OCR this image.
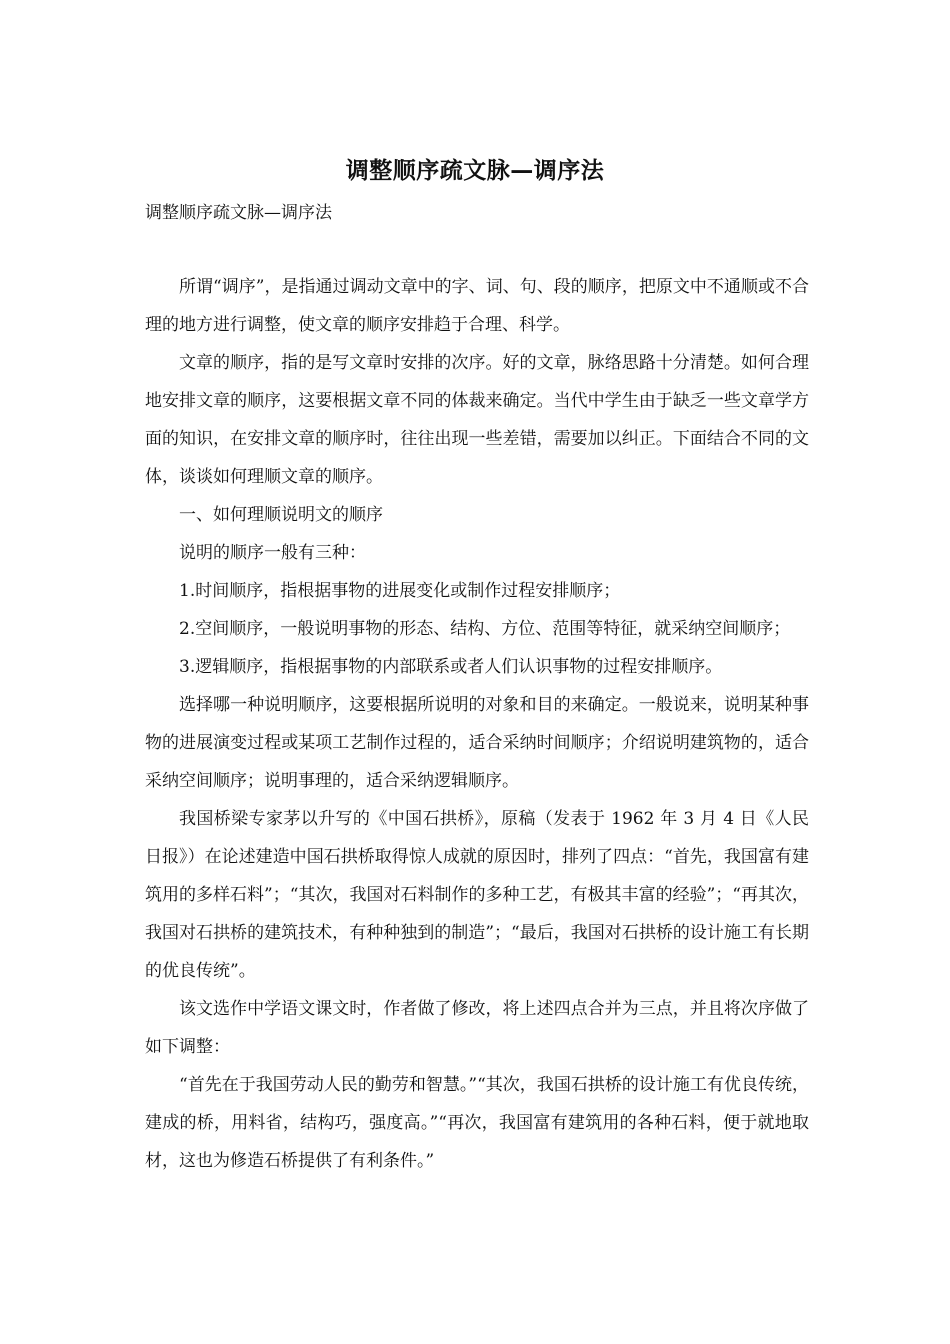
调整顺序疏文脉—调序法
调整顺序疏文脉—调序法

所谓“调序”，是指通过调动文章中的字、词、句、段的顺序，把原文中不通顺或不合理的地方进行调整，使文章的顺序安排趋于合理、科学。

文章的顺序，指的是写文章时安排的次序。好的文章，脉络思路十分清楚。如何合理地安排文章的顺序，这要根据文章不同的体裁来确定。当代中学生由于缺乏一些文章学方面的知识，在安排文章的顺序时，往往出现一些差错，需要加以纠正。下面结合不同的文体，谈谈如何理顺文章的顺序。

一、如何理顺说明文的顺序

说明的顺序一般有三种：

1.时间顺序，指根据事物的进展变化或制作过程安排顺序；

2.空间顺序，一般说明事物的形态、结构、方位、范围等特征，就采纳空间顺序；

3.逻辑顺序，指根据事物的内部联系或者人们认识事物的过程安排顺序。

选择哪一种说明顺序，这要根据所说明的对象和目的来确定。一般说来，说明某种事物的进展演变过程或某项工艺制作过程的，适合采纳时间顺序；介绍说明建筑物的，适合采纳空间顺序；说明事理的，适合采纳逻辑顺序。

我国桥梁专家茅以升写的《中国石拱桥》，原稿（发表于 1962 年 3 月 4 日《人民日报》）在论述建造中国石拱桥取得惊人成就的原因时，排列了四点：“首先，我国富有建筑用的多样石料”；“其次，我国对石料制作的多种工艺，有极其丰富的经验”；“再其次，我国对石拱桥的建筑技术，有种种独到的制造”；“最后，我国对石拱桥的设计施工有长期的优良传统”。

该文选作中学语文课文时，作者做了修改，将上述四点合并为三点，并且将次序做了如下调整：

“首先在于我国劳动人民的勤劳和智慧。”“其次，我国石拱桥的设计施工有优良传统，建成的桥，用料省，结构巧，强度高。”“再次，我国富有建筑用的各种石料，便于就地取材，这也为修造石桥提供了有利条件。”
